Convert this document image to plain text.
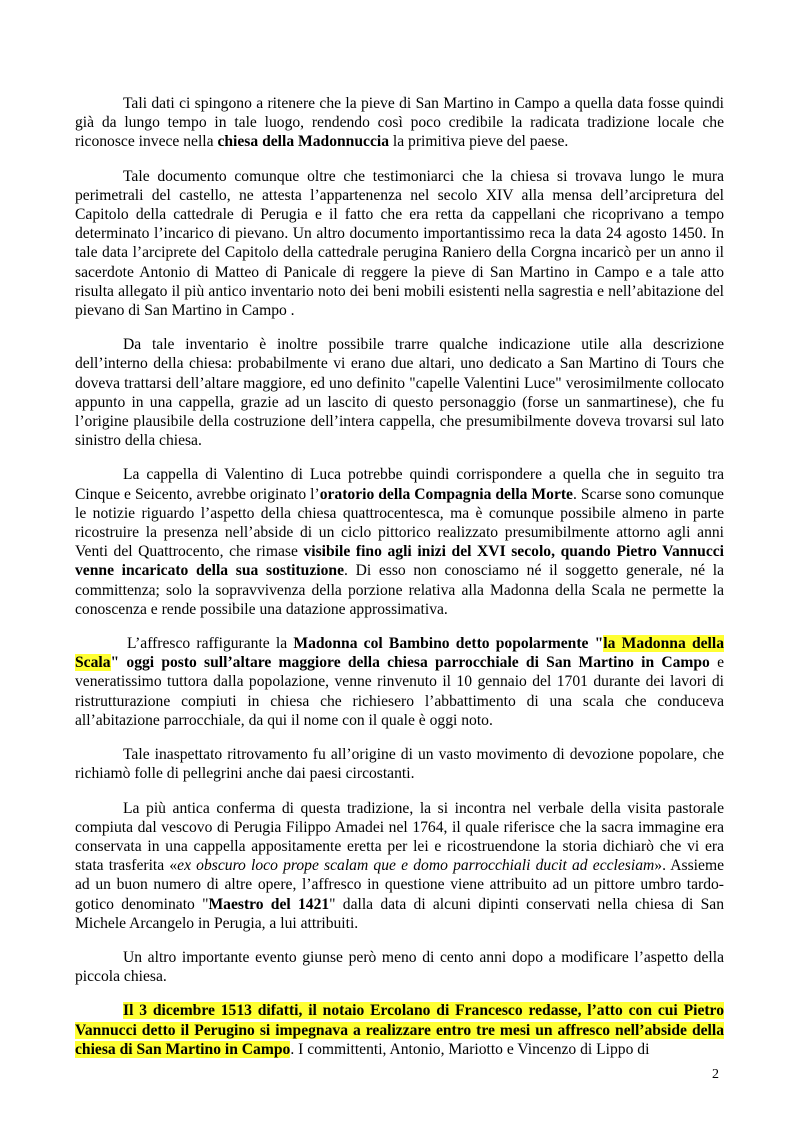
Tali dati ci spingono a ritenere che la pieve di San Martino in Campo a quella data fosse quindi già da lungo tempo in tale luogo, rendendo così poco credibile la radicata tradizione locale che riconosce invece nella chiesa della Madonnuccia la primitiva pieve del paese.

Tale documento comunque oltre che testimoniarci che la chiesa si trovava lungo le mura perimetrali del castello, ne attesta l’appartenenza nel secolo XIV alla mensa dell’arcipretura del Capitolo della cattedrale di Perugia e il fatto che era retta da cappellani che ricoprivano a tempo determinato l’incarico di pievano. Un altro documento importantissimo reca la data 24 agosto 1450. In tale data l’arciprete del Capitolo della cattedrale perugina Raniero della Corgna incaricò per un anno il sacerdote Antonio di Matteo di Panicale di reggere la pieve di San Martino in Campo e a tale atto risulta allegato il più antico inventario noto dei beni mobili esistenti nella sagrestia e nell’abitazione del pievano di San Martino in Campo .

Da tale inventario è inoltre possibile trarre qualche indicazione utile alla descrizione dell’interno della chiesa: probabilmente vi erano due altari, uno dedicato a San Martino di Tours che doveva trattarsi dell’altare maggiore, ed uno definito "capelle Valentini Luce" verosimilmente collocato appunto in una cappella, grazie ad un lascito di questo personaggio (forse un sanmartinese), che fu l’origine plausibile della costruzione dell’intera cappella, che presumibilmente doveva trovarsi sul lato sinistro della chiesa.

La cappella di Valentino di Luca potrebbe quindi corrispondere a quella che in seguito tra Cinque e Seicento, avrebbe originato l’oratorio della Compagnia della Morte. Scarse sono comunque le notizie riguardo l’aspetto della chiesa quattrocentesca, ma è comunque possibile almeno in parte ricostruire la presenza nell’abside di un ciclo pittorico realizzato presumibilmente attorno agli anni Venti del Quattrocento, che rimase visibile fino agli inizi del XVI secolo, quando Pietro Vannucci venne incaricato della sua sostituzione. Di esso non conosciamo né il soggetto generale, né la committenza; solo la sopravvivenza della porzione relativa alla Madonna della Scala ne permette la conoscenza e rende possibile una datazione approssimativa.

L’affresco raffigurante la Madonna col Bambino detto popolarmente "la Madonna della Scala" oggi posto sull’altare maggiore della chiesa parrocchiale di San Martino in Campo e veneratissimo tuttora dalla popolazione, venne rinvenuto il 10 gennaio del 1701 durante dei lavori di ristrutturazione compiuti in chiesa che richiesero l’abbattimento di una scala che conduceva all’abitazione parrocchiale, da qui il nome con il quale è oggi noto.

Tale inaspettato ritrovamento fu all’origine di un vasto movimento di devozione popolare, che richiamò folle di pellegrini anche dai paesi circostanti.

La più antica conferma di questa tradizione, la si incontra nel verbale della visita pastorale compiuta dal vescovo di Perugia Filippo Amadei nel 1764, il quale riferisce che la sacra immagine era conservata in una cappella appositamente eretta per lei e ricostruendone la storia dichiarò che vi era stata trasferita «ex obscuro loco prope scalam que e domo parrocchiali ducit ad ecclesiam». Assieme ad un buon numero di altre opere, l’affresco in questione viene attribuito ad un pittore umbro tardo-gotico denominato "Maestro del 1421" dalla data di alcuni dipinti conservati nella chiesa di San Michele Arcangelo in Perugia, a lui attribuiti.

Un altro importante evento giunse però meno di cento anni dopo a modificare l’aspetto della piccola chiesa.

Il 3 dicembre 1513 difatti, il notaio Ercolano di Francesco redasse, l’atto con cui Pietro Vannucci detto il Perugino si impegnava a realizzare entro tre mesi un affresco nell’abside della chiesa di San Martino in Campo. I committenti, Antonio, Mariotto e Vincenzo di Lippo di

2
